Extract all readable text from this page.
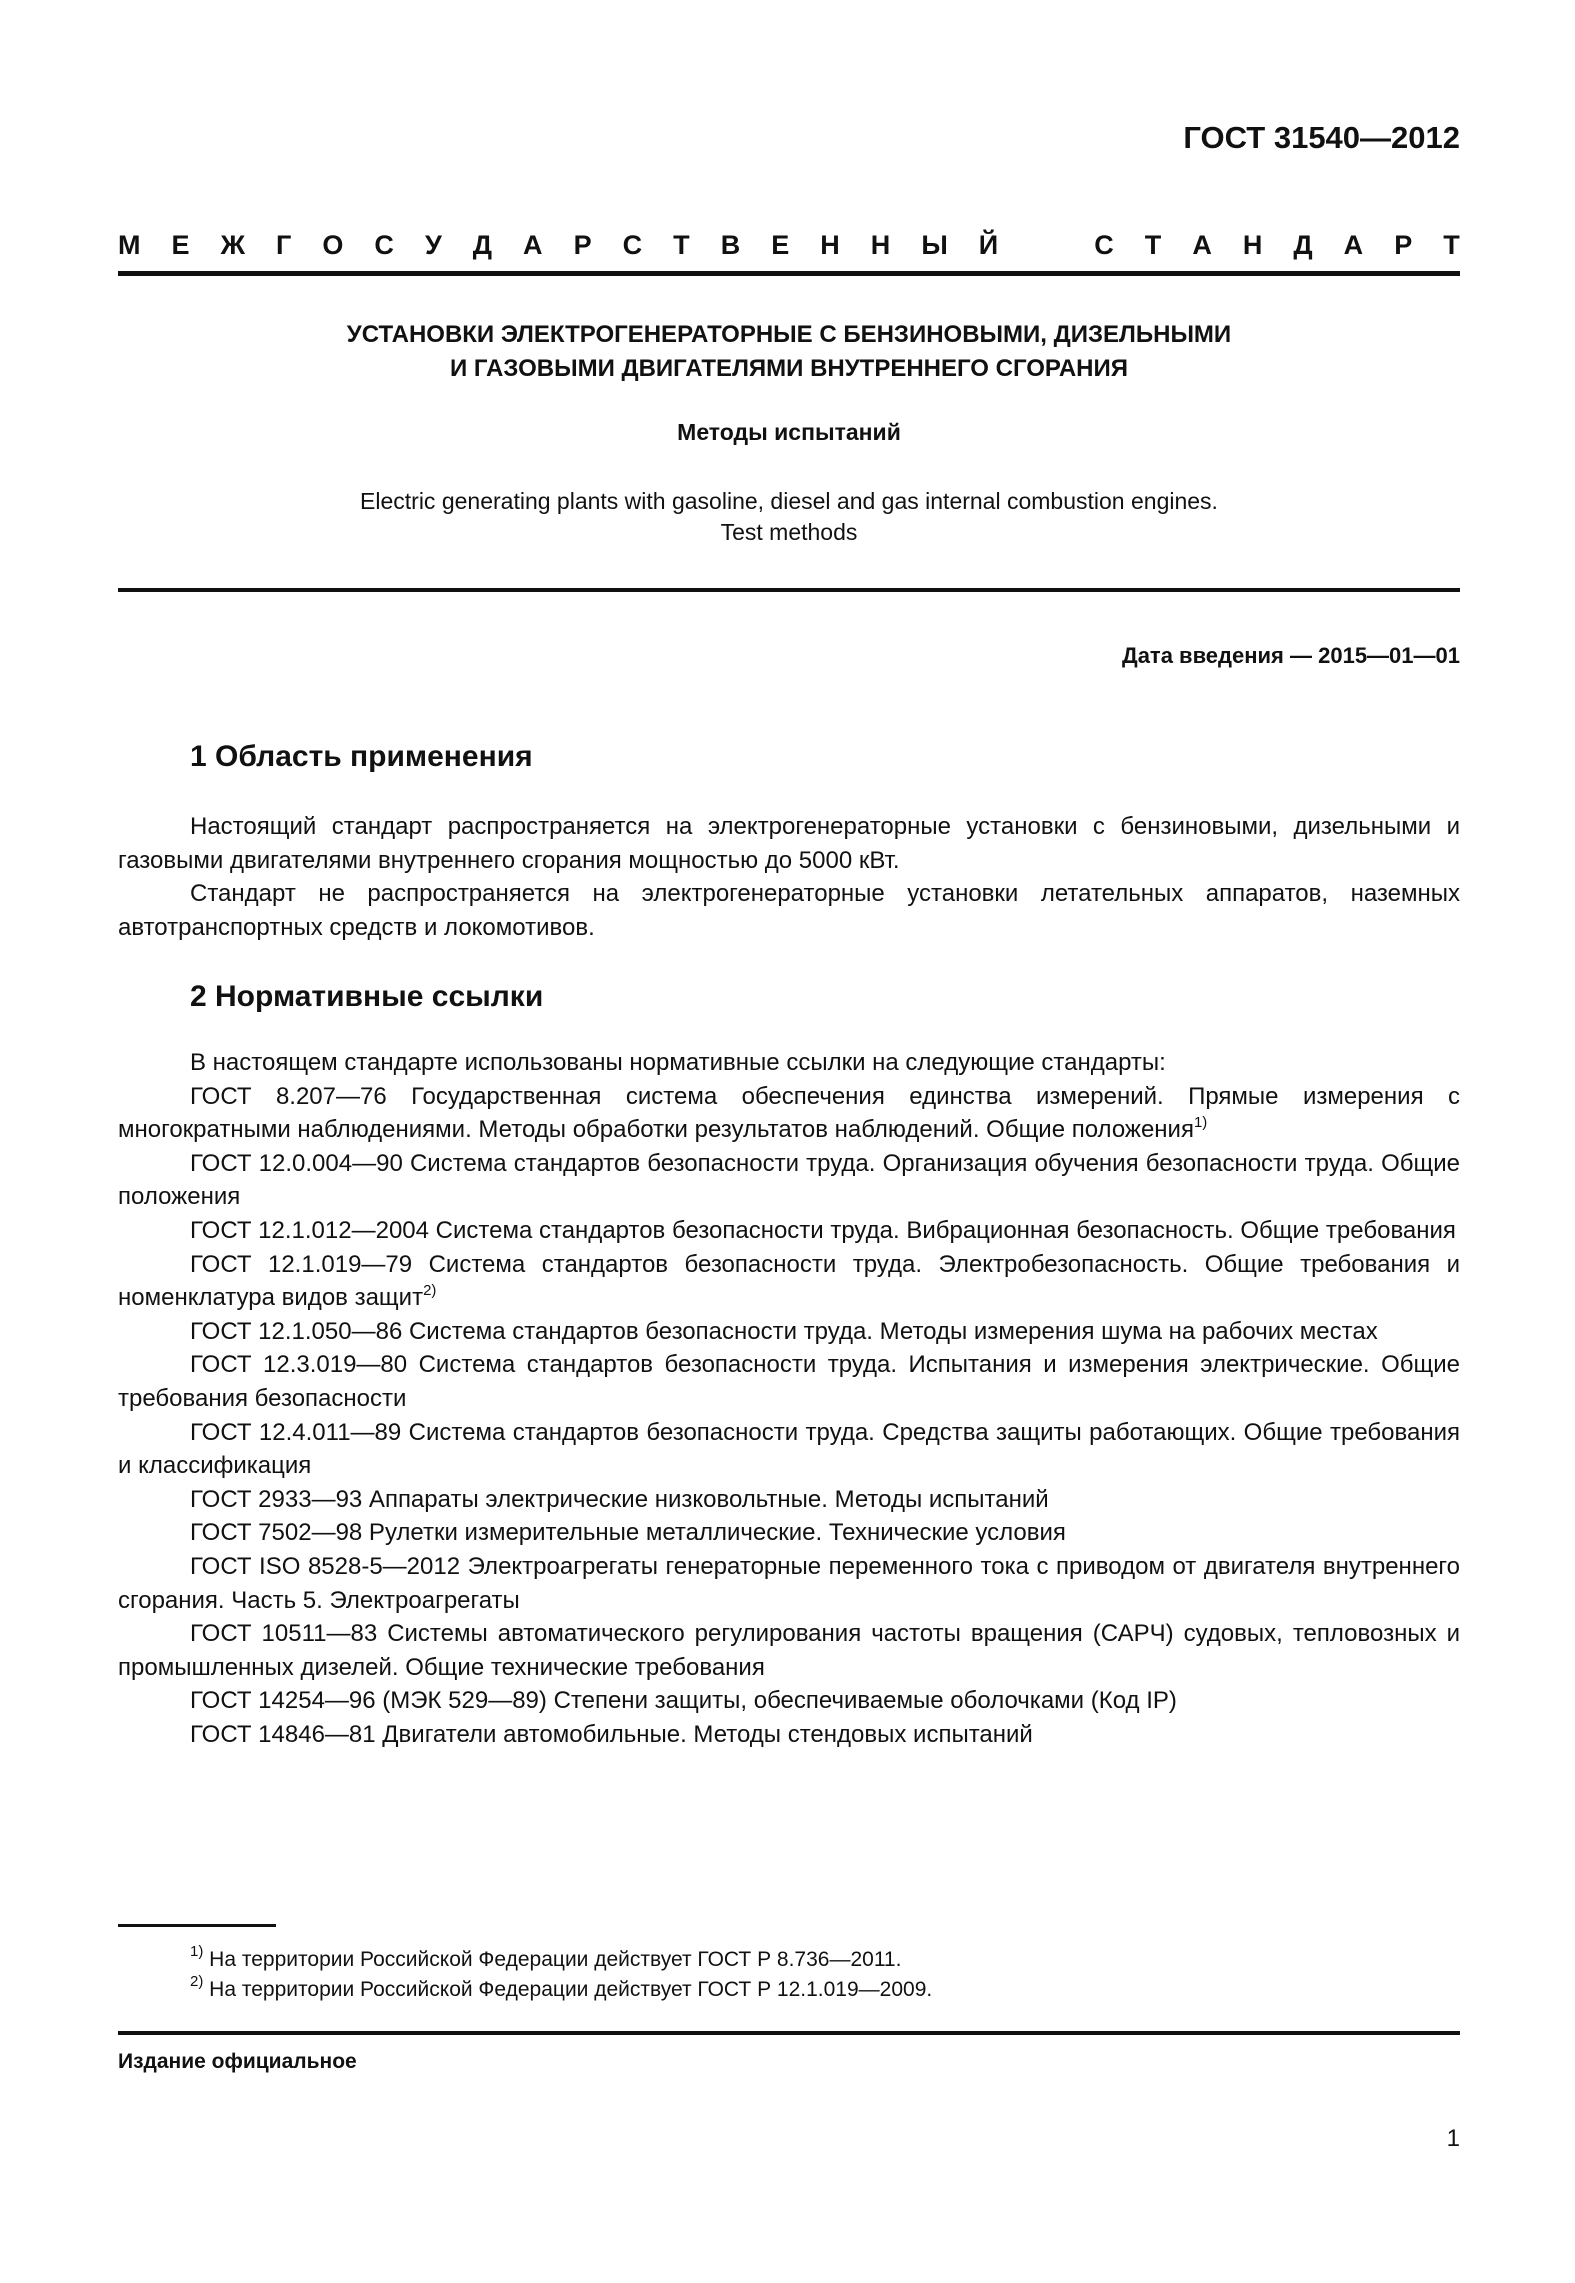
ГОСТ 31540—2012
М Е Ж Г О С У Д А Р С Т В Е Н Н Ы Й	С Т А Н Д А Р Т
УСТАНОВКИ ЭЛЕКТРОГЕНЕРАТОРНЫЕ С БЕНЗИНОВЫМИ, ДИЗЕЛЬНЫМИ
И ГАЗОВЫМИ ДВИГАТЕЛЯМИ ВНУТРЕННЕГО СГОРАНИЯ
Методы испытаний
Electric generating plants with gasoline, diesel and gas internal combustion engines.
Test methods
Дата введения — 2015—01—01
1 Область применения

Настоящий стандарт распространяется на электрогенераторные установки с бензиновыми, дизельными и газовыми двигателями внутреннего сгорания мощностью до 5000 кВт.

Стандарт не распространяется на электрогенераторные установки летательных аппаратов, наземных автотранспортных средств и локомотивов.

2 Нормативные ссылки

В настоящем стандарте использованы нормативные ссылки на следующие стандарты:

ГОСТ 8.207—76 Государственная система обеспечения единства измерений. Прямые измерения с многократными наблюдениями. Методы обработки результатов наблюдений. Общие положения$^{1)}$

ГОСТ 12.0.004—90 Система стандартов безопасности труда. Организация обучения безопасности труда. Общие положения

ГОСТ 12.1.012—2004 Система стандартов безопасности труда. Вибрационная безопасность. Общие требования

ГОСТ 12.1.019—79 Система стандартов безопасности труда. Электробезопасность. Общие требования и номенклатура видов защит$^{2)}$

ГОСТ 12.1.050—86 Система стандартов безопасности труда. Методы измерения шума на рабочих местах

ГОСТ 12.3.019—80 Система стандартов безопасности труда. Испытания и измерения электрические. Общие требования безопасности

ГОСТ 12.4.011—89 Система стандартов безопасности труда. Средства защиты работающих. Общие требования и классификация

ГОСТ 2933—93 Аппараты электрические низковольтные. Методы испытаний

ГОСТ 7502—98 Рулетки измерительные металлические. Технические условия

ГОСТ ISO 8528-5—2012 Электроагрегаты генераторные переменного тока с приводом от двигателя внутреннего сгорания. Часть 5. Электроагрегаты

ГОСТ 10511—83 Системы автоматического регулирования частоты вращения (САРЧ) судовых, тепловозных и промышленных дизелей. Общие технические требования

ГОСТ 14254—96 (МЭК 529—89) Степени защиты, обеспечиваемые оболочками (Код IP)

ГОСТ 14846—81 Двигатели автомобильные. Методы стендовых испытаний

$^{1)}$ На территории Российской Федерации действует ГОСТ Р 8.736—2011.
$^{2)}$ На территории Российской Федерации действует ГОСТ Р 12.1.019—2009.
Издание официальное
1
